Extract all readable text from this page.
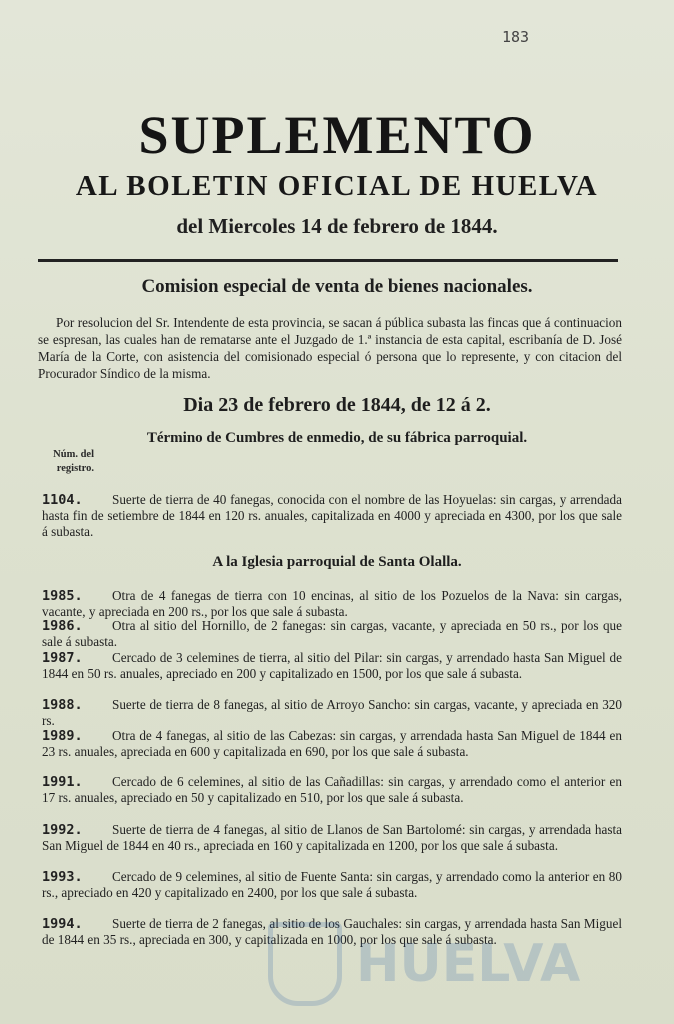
183
SUPLEMENTO
AL BOLETIN OFICIAL DE HUELVA
del Miercoles 14 de febrero de 1844.
Comision especial de venta de bienes nacionales.
Por resolucion del Sr. Intendente de esta provincia, se sacan á pública subasta las fincas que á continuacion se espresan, las cuales han de rematarse ante el Juzgado de 1.ª instancia de esta capital, escribanía de D. José María de la Corte, con asistencia del comisionado especial ó persona que lo represente, y con citacion del Procurador Síndico de la misma.
Dia 23 de febrero de 1844, de 12 á 2.
Término de Cumbres de enmedio, de su fábrica parroquial.
Núm. del registro.
1104.	Suerte de tierra de 40 fanegas, conocida con el nombre de las Hoyuelas: sin cargas, y arrendada hasta fin de setiembre de 1844 en 120 rs. anuales, capitalizada en 4000 y apreciada en 4300, por los que sale á subasta.
A la Iglesia parroquial de Santa Olalla.
1985.	Otra de 4 fanegas de tierra con 10 encinas, al sitio de los Pozuelos de la Nava: sin cargas, vacante, y apreciada en 200 rs., por los que sale á subasta.
1986.	Otra al sitio del Hornillo, de 2 fanegas: sin cargas, vacante, y apreciada en 50 rs., por los que sale á subasta.
1987.	Cercado de 3 celemines de tierra, al sitio del Pilar: sin cargas, y arrendado hasta San Miguel de 1844 en 50 rs. anuales, apreciado en 200 y capitalizado en 1500, por los que sale á subasta.
1988.	Suerte de tierra de 8 fanegas, al sitio de Arroyo Sancho: sin cargas, vacante, y apreciada en 320 rs.
1989.	Otra de 4 fanegas, al sitio de las Cabezas: sin cargas, y arrendada hasta San Miguel de 1844 en 23 rs. anuales, apreciada en 600 y capitalizada en 690, por los que sale á subasta.
1991.	Cercado de 6 celemines, al sitio de las Cañadillas: sin cargas, y arrendado como el anterior en 17 rs. anuales, apreciado en 50 y capitalizado en 510, por los que sale á subasta.
1992.	Suerte de tierra de 4 fanegas, al sitio de Llanos de San Bartolomé: sin cargas, y arrendada hasta San Miguel de 1844 en 40 rs., apreciada en 160 y capitalizada en 1200, por los que sale á subasta.
1993.	Cercado de 9 celemines, al sitio de Fuente Santa: sin cargas, y arrendado como la anterior en 80 rs., apreciado en 420 y capitalizado en 2400, por los que sale á subasta.
1994.	Suerte de tierra de 2 fanegas, al sitio de los Gauchales: sin cargas, y arrendada hasta San Miguel de 1844 en 35 rs., apreciada en 300, y capitalizada en 1000, por los que sale á subasta.
HUELVA
